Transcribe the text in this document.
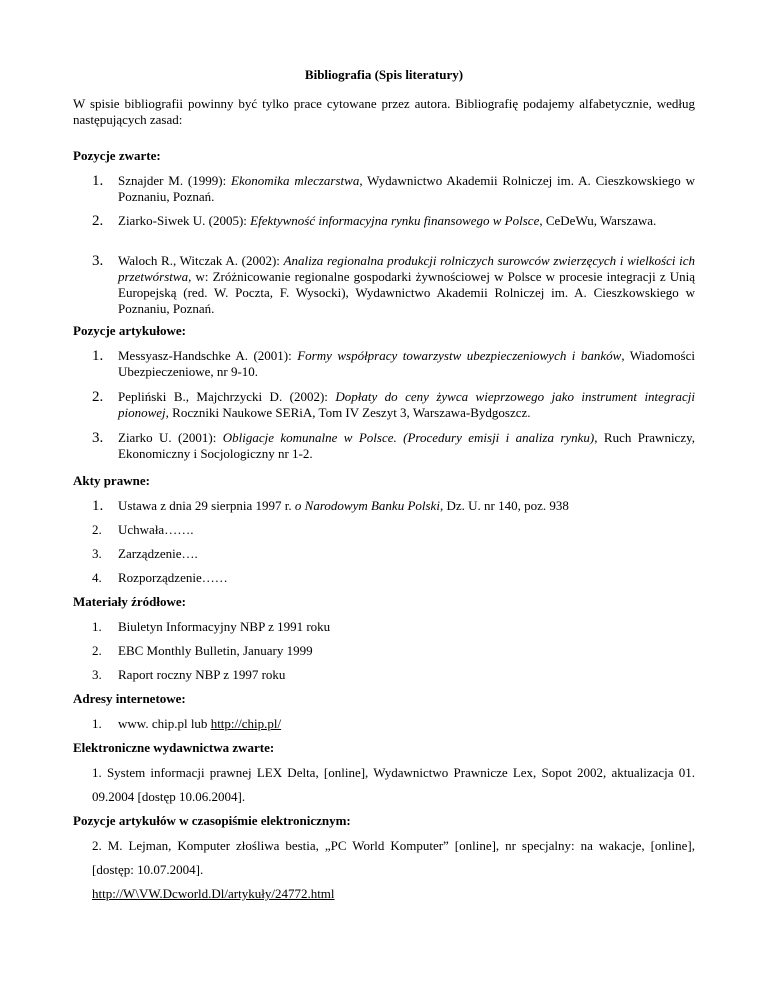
Bibliografia (Spis literatury)
W spisie bibliografii powinny być tylko prace cytowane przez autora. Bibliografię podajemy alfabetycznie, według następujących zasad:
Pozycje zwarte:
1. Sznajder M. (1999): Ekonomika mleczarstwa, Wydawnictwo Akademii Rolniczej im. A. Cieszkowskiego w Poznaniu, Poznań.
2. Ziarko-Siwek U. (2005): Efektywność informacyjna rynku finansowego w Polsce, CeDeWu, Warszawa.
3. Waloch R., Witczak A. (2002): Analiza regionalna produkcji rolniczych surowców zwierzęcych i wielkości ich przetwórstwa, w: Zróżnicowanie regionalne gospodarki żywnościowej w Polsce w procesie integracji z Unią Europejską (red. W. Poczta, F. Wysocki), Wydawnictwo Akademii Rolniczej im. A. Cieszkowskiego w Poznaniu, Poznań.
Pozycje artykułowe:
1. Messyasz-Handschke A. (2001): Formy współpracy towarzystw ubezpieczeniowych i banków, Wiadomości Ubezpieczeniowe, nr 9-10.
2. Pepliński B., Majchrzycki D. (2002): Dopłaty do ceny żywca wieprzowego jako instrument integracji pionowej, Roczniki Naukowe SERiA, Tom IV Zeszyt 3, Warszawa-Bydgoszcz.
3. Ziarko U. (2001): Obligacje komunalne w Polsce. (Procedury emisji i analiza rynku), Ruch Prawniczy, Ekonomiczny i Socjologiczny nr 1-2.
Akty prawne:
1. Ustawa z dnia 29 sierpnia 1997 r. o Narodowym Banku Polski, Dz. U. nr 140, poz. 938
2. Uchwała…….
3. Zarządzenie….
4. Rozporządzenie……
Materiały źródłowe:
1. Biuletyn Informacyjny NBP z 1991 roku
2. EBC Monthly Bulletin, January 1999
3. Raport roczny NBP z 1997 roku
Adresy internetowe:
1. www. chip.pl lub http://chip.pl/
Elektroniczne wydawnictwa zwarte:
1. System informacji prawnej LEX Delta, [online], Wydawnictwo Prawnicze Lex, Sopot 2002, aktualizacja 01. 09.2004 [dostęp 10.06.2004].
Pozycje artykułów w czasopiśmie elektronicznym:
2. M. Lejman, Komputer złośliwa bestia, „PC World Komputer” [online], nr specjalny: na wakacje, [online], [dostęp: 10.07.2004].
http://W\VW.Dcworld.Dl/artykuły/24772.html
